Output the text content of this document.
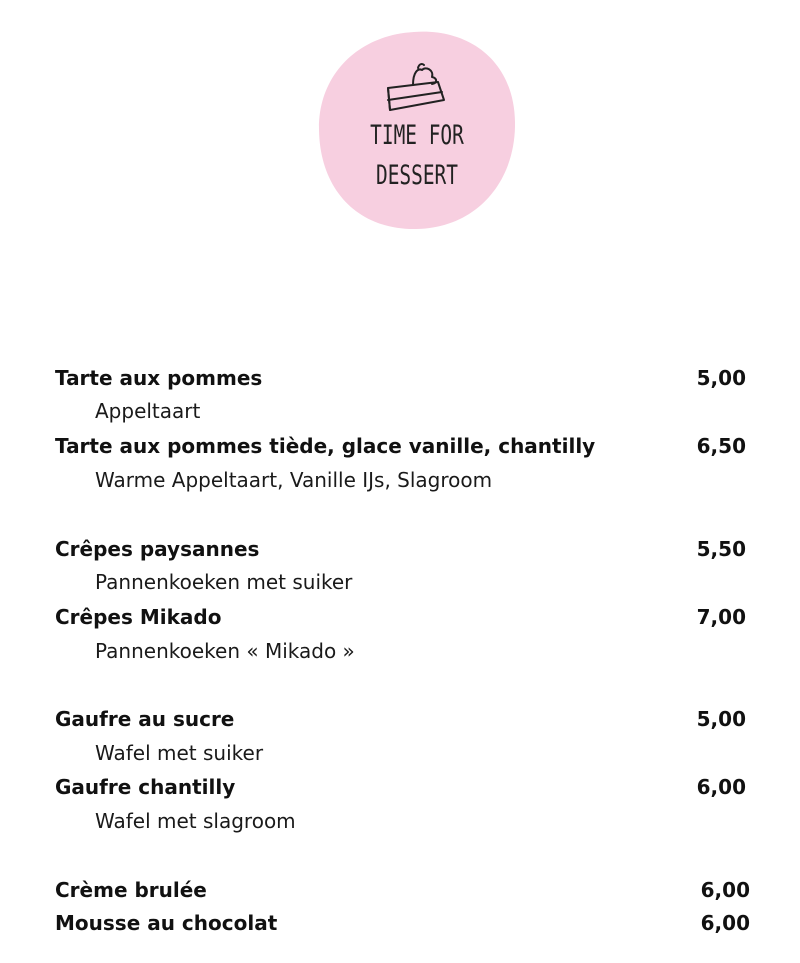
TIME FOR
DESSERT
Tarte aux pommes	5,00
Appeltaart
Tarte aux pommes tiède, glace vanille, chantilly	6,50
Warme Appeltaart, Vanille IJs, Slagroom
Crêpes paysannes	5,50
Pannenkoeken met suiker
Crêpes Mikado	7,00
Pannenkoeken « Mikado »
Gaufre au sucre	5,00
Wafel met suiker
Gaufre chantilly	6,00
Wafel met slagroom
Crème brulée	6,00
Mousse au chocolat	6,00
